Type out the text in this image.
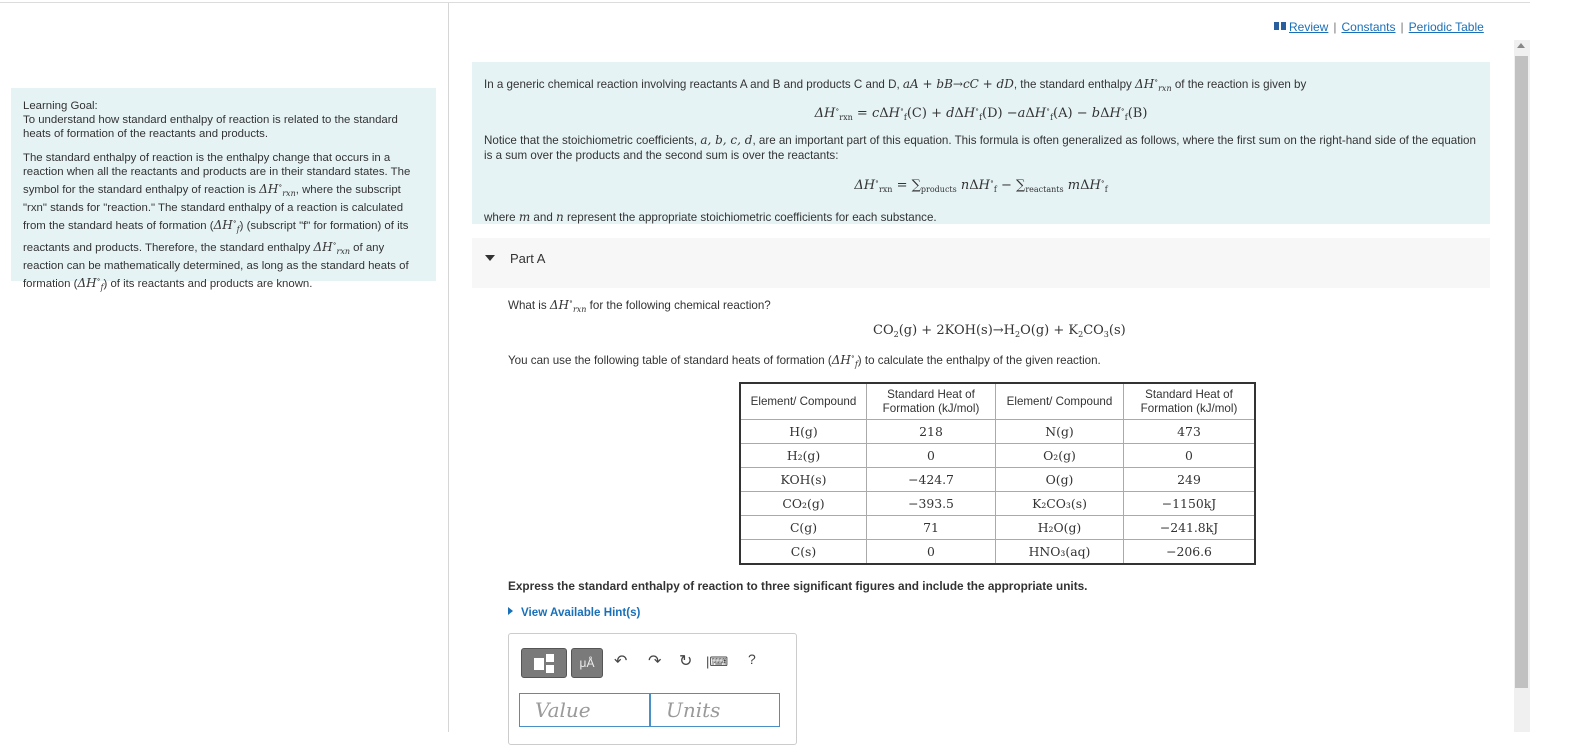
Learning Goal:
To understand how standard enthalpy of reaction is related to the standard heats of formation of the reactants and products.

The standard enthalpy of reaction is the enthalpy change that occurs in a reaction when all the reactants and products are in their standard states. The symbol for the standard enthalpy of reaction is $\Delta H^\circ_{rxn}$, where the subscript "rxn" stands for "reaction." The standard enthalpy of a reaction is calculated from the standard heats of formation $(\Delta H^\circ_f)$ (subscript "f" for formation) of its reactants and products. Therefore, the standard enthalpy $\Delta H^\circ_{rxn}$ of any reaction can be mathematically determined, as long as the standard heats of formation $(\Delta H^\circ_f)$ of its reactants and products are known.

Review | Constants | Periodic Table

In a generic chemical reaction involving reactants A and B and products C and D, aA + bB→cC + dD, the standard enthalpy $\Delta H^\circ_{rxn}$ of the reaction is given by

$\Delta H^\circ_{rxn} = c\Delta H^\circ_f(C) + d\Delta H^\circ_f(D) -a\Delta H^\circ_f(A) - b\Delta H^\circ_f(B)$

Notice that the stoichiometric coefficients, a, b, c, d, are an important part of this equation. This formula is often generalized as follows, where the first sum on the right-hand side of the equation is a sum over the products and the second sum is over the reactants:

$\Delta H^\circ_{rxn} = \sum_{products}$ $n\Delta H^\circ_f - \sum_{reactants}$ mΔH∘$_f$

where m and n represent the appropriate stoichiometric coefficients for each substance.

Part A
What is $\Delta H^\circ_{rxn}$ for the following chemical reaction?
$CO_2(g) + 2KOH(s)\to H_2O(g) + K_2CO_3(s)$
You can use the following table of standard heats of formation $(\Delta H^\circ_f)$ to calculate the enthalpy of the given reaction.
Element/ Compound	Standard Heat of Formation (kJ/mol)	Element/ Compound	Standard Heat of Formation (kJ/mol)
H(g)	218	N(g)	473
H₂(g)	0	O₂(g)	0
KOH(s)	−424.7	O(g)	249
CO₂(g)	−393.5	K₂CO₃(s)	−1150kJ
C(g)	71	H₂O(g)	−241.8kJ
C(s)	0	HNO₃(aq)	−206.6
Express the standard enthalpy of reaction to three significant figures and include the appropriate units.
View Available Hint(s)
μÅ	↶ ↷ ↻ |⌨ ?
Value
Units
